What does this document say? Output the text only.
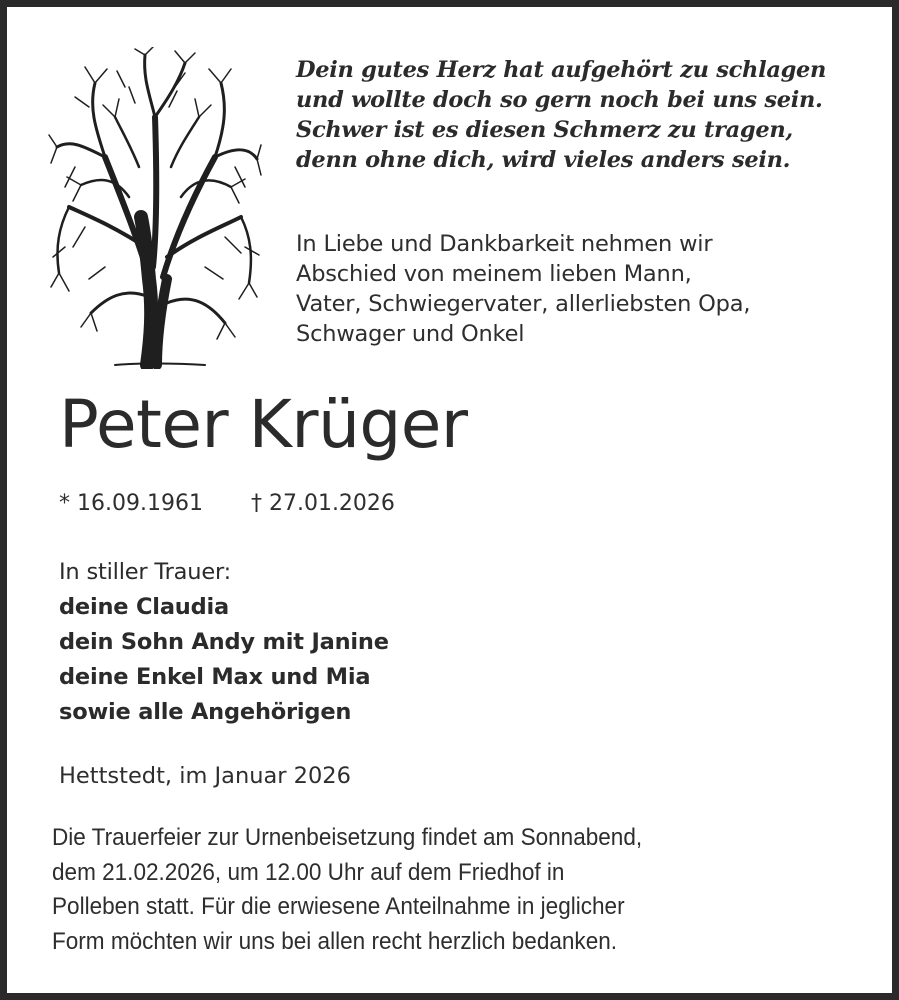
Dein gutes Herz hat aufgehört zu schlagen
und wollte doch so gern noch bei uns sein.
Schwer ist es diesen Schmerz zu tragen,
denn ohne dich, wird vieles anders sein.
In Liebe und Dankbarkeit nehmen wir
Abschied von meinem lieben Mann,
Vater, Schwiegervater, allerliebsten Opa,
Schwager und Onkel
Peter Krüger
* 16.09.1961 † 27.01.2026
In stiller Trauer:
deine Claudia
dein Sohn Andy mit Janine
deine Enkel Max und Mia
sowie alle Angehörigen
Hettstedt, im Januar 2026
Die Trauerfeier zur Urnenbeisetzung findet am Sonnabend,
dem 21.02.2026, um 12.00 Uhr auf dem Friedhof in
Polleben statt. Für die erwiesene Anteilnahme in jeglicher
Form möchten wir uns bei allen recht herzlich bedanken.
